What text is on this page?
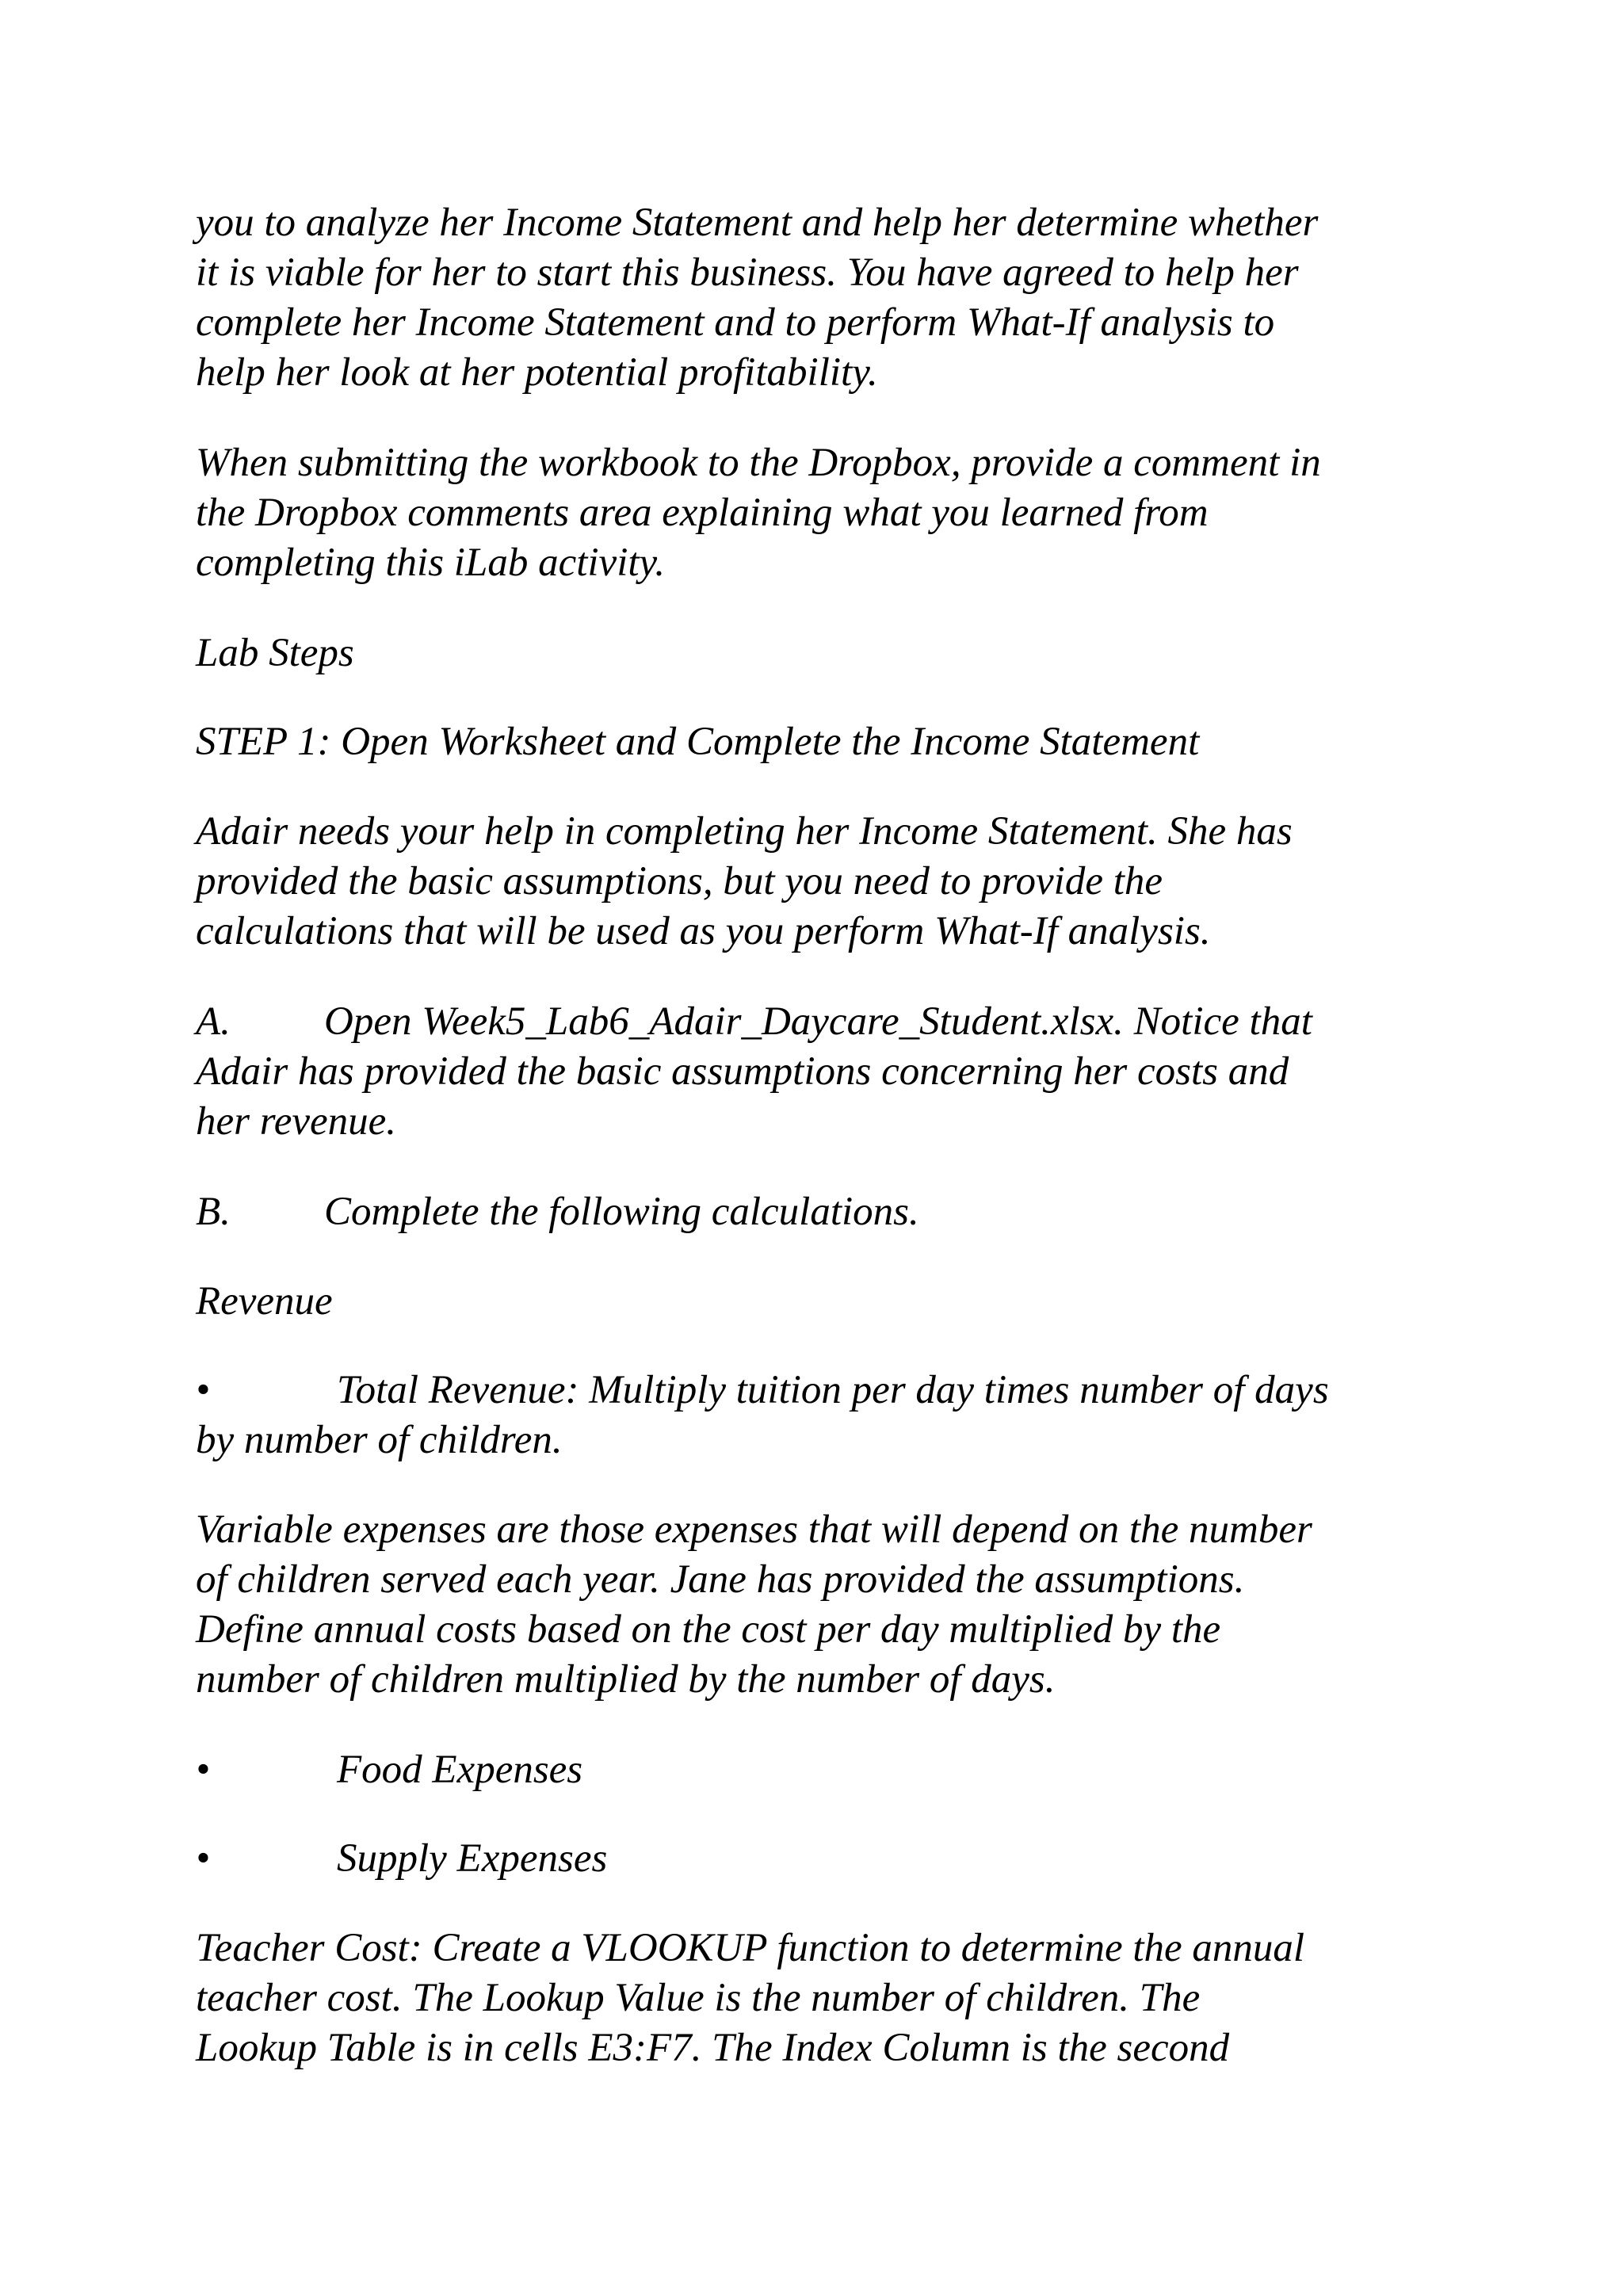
you to analyze her Income Statement and help her determine whether
it is viable for her to start this business. You have agreed to help her
complete her Income Statement and to perform What-If analysis to
help her look at her potential profitability.

When submitting the workbook to the Dropbox, provide a comment in
the Dropbox comments area explaining what you learned from
completing this iLab activity.

Lab Steps

STEP 1: Open Worksheet and Complete the Income Statement

Adair needs your help in completing her Income Statement. She has
provided the basic assumptions, but you need to provide the
calculations that will be used as you perform What-If analysis.

A. Open Week5_Lab6_Adair_Daycare_Student.xlsx. Notice that
Adair has provided the basic assumptions concerning her costs and
her revenue.

B. Complete the following calculations.

Revenue

•	Total Revenue: Multiply tuition per day times number of days
by number of children.

Variable expenses are those expenses that will depend on the number
of children served each year. Jane has provided the assumptions.
Define annual costs based on the cost per day multiplied by the
number of children multiplied by the number of days.

•	Food Expenses

•	Supply Expenses

Teacher Cost: Create a VLOOKUP function to determine the annual
teacher cost. The Lookup Value is the number of children. The
Lookup Table is in cells E3:F7. The Index Column is the second
